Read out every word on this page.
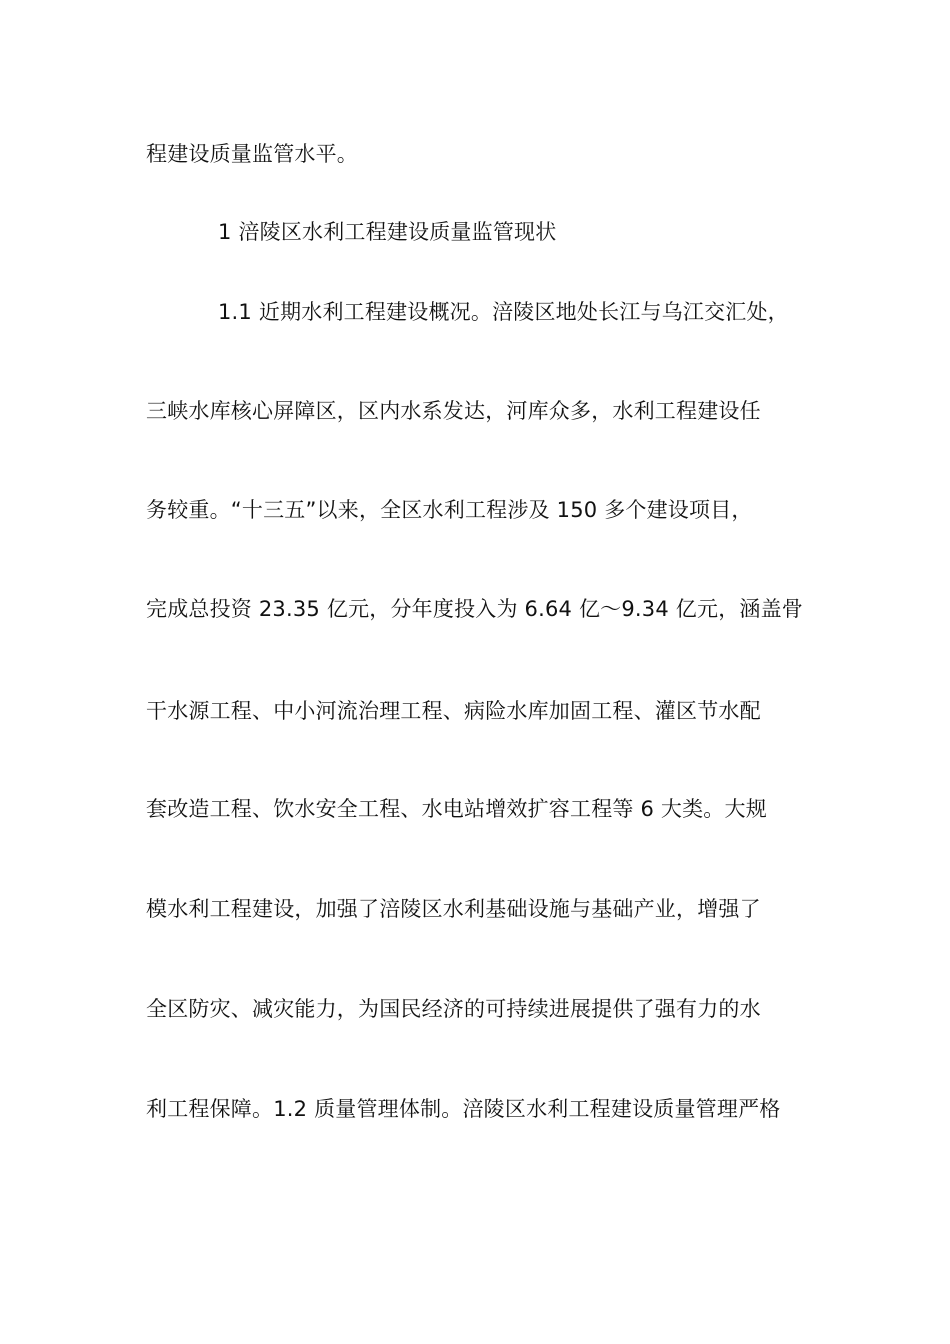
程建设质量监管水平。
1 涪陵区水利工程建设质量监管现状
1.1 近期水利工程建设概况。涪陵区地处长江与乌江交汇处，
三峡水库核心屏障区，区内水系发达，河库众多，水利工程建设任
务较重。“十三五”以来，全区水利工程涉及 150 多个建设项目，
完成总投资 23.35 亿元，分年度投入为 6.64 亿～9.34 亿元，涵盖骨
干水源工程、中小河流治理工程、病险水库加固工程、灌区节水配
套改造工程、饮水安全工程、水电站增效扩容工程等 6 大类。大规
模水利工程建设，加强了涪陵区水利基础设施与基础产业，增强了
全区防灾、减灾能力，为国民经济的可持续进展提供了强有力的水
利工程保障。1.2 质量管理体制。涪陵区水利工程建设质量管理严格
